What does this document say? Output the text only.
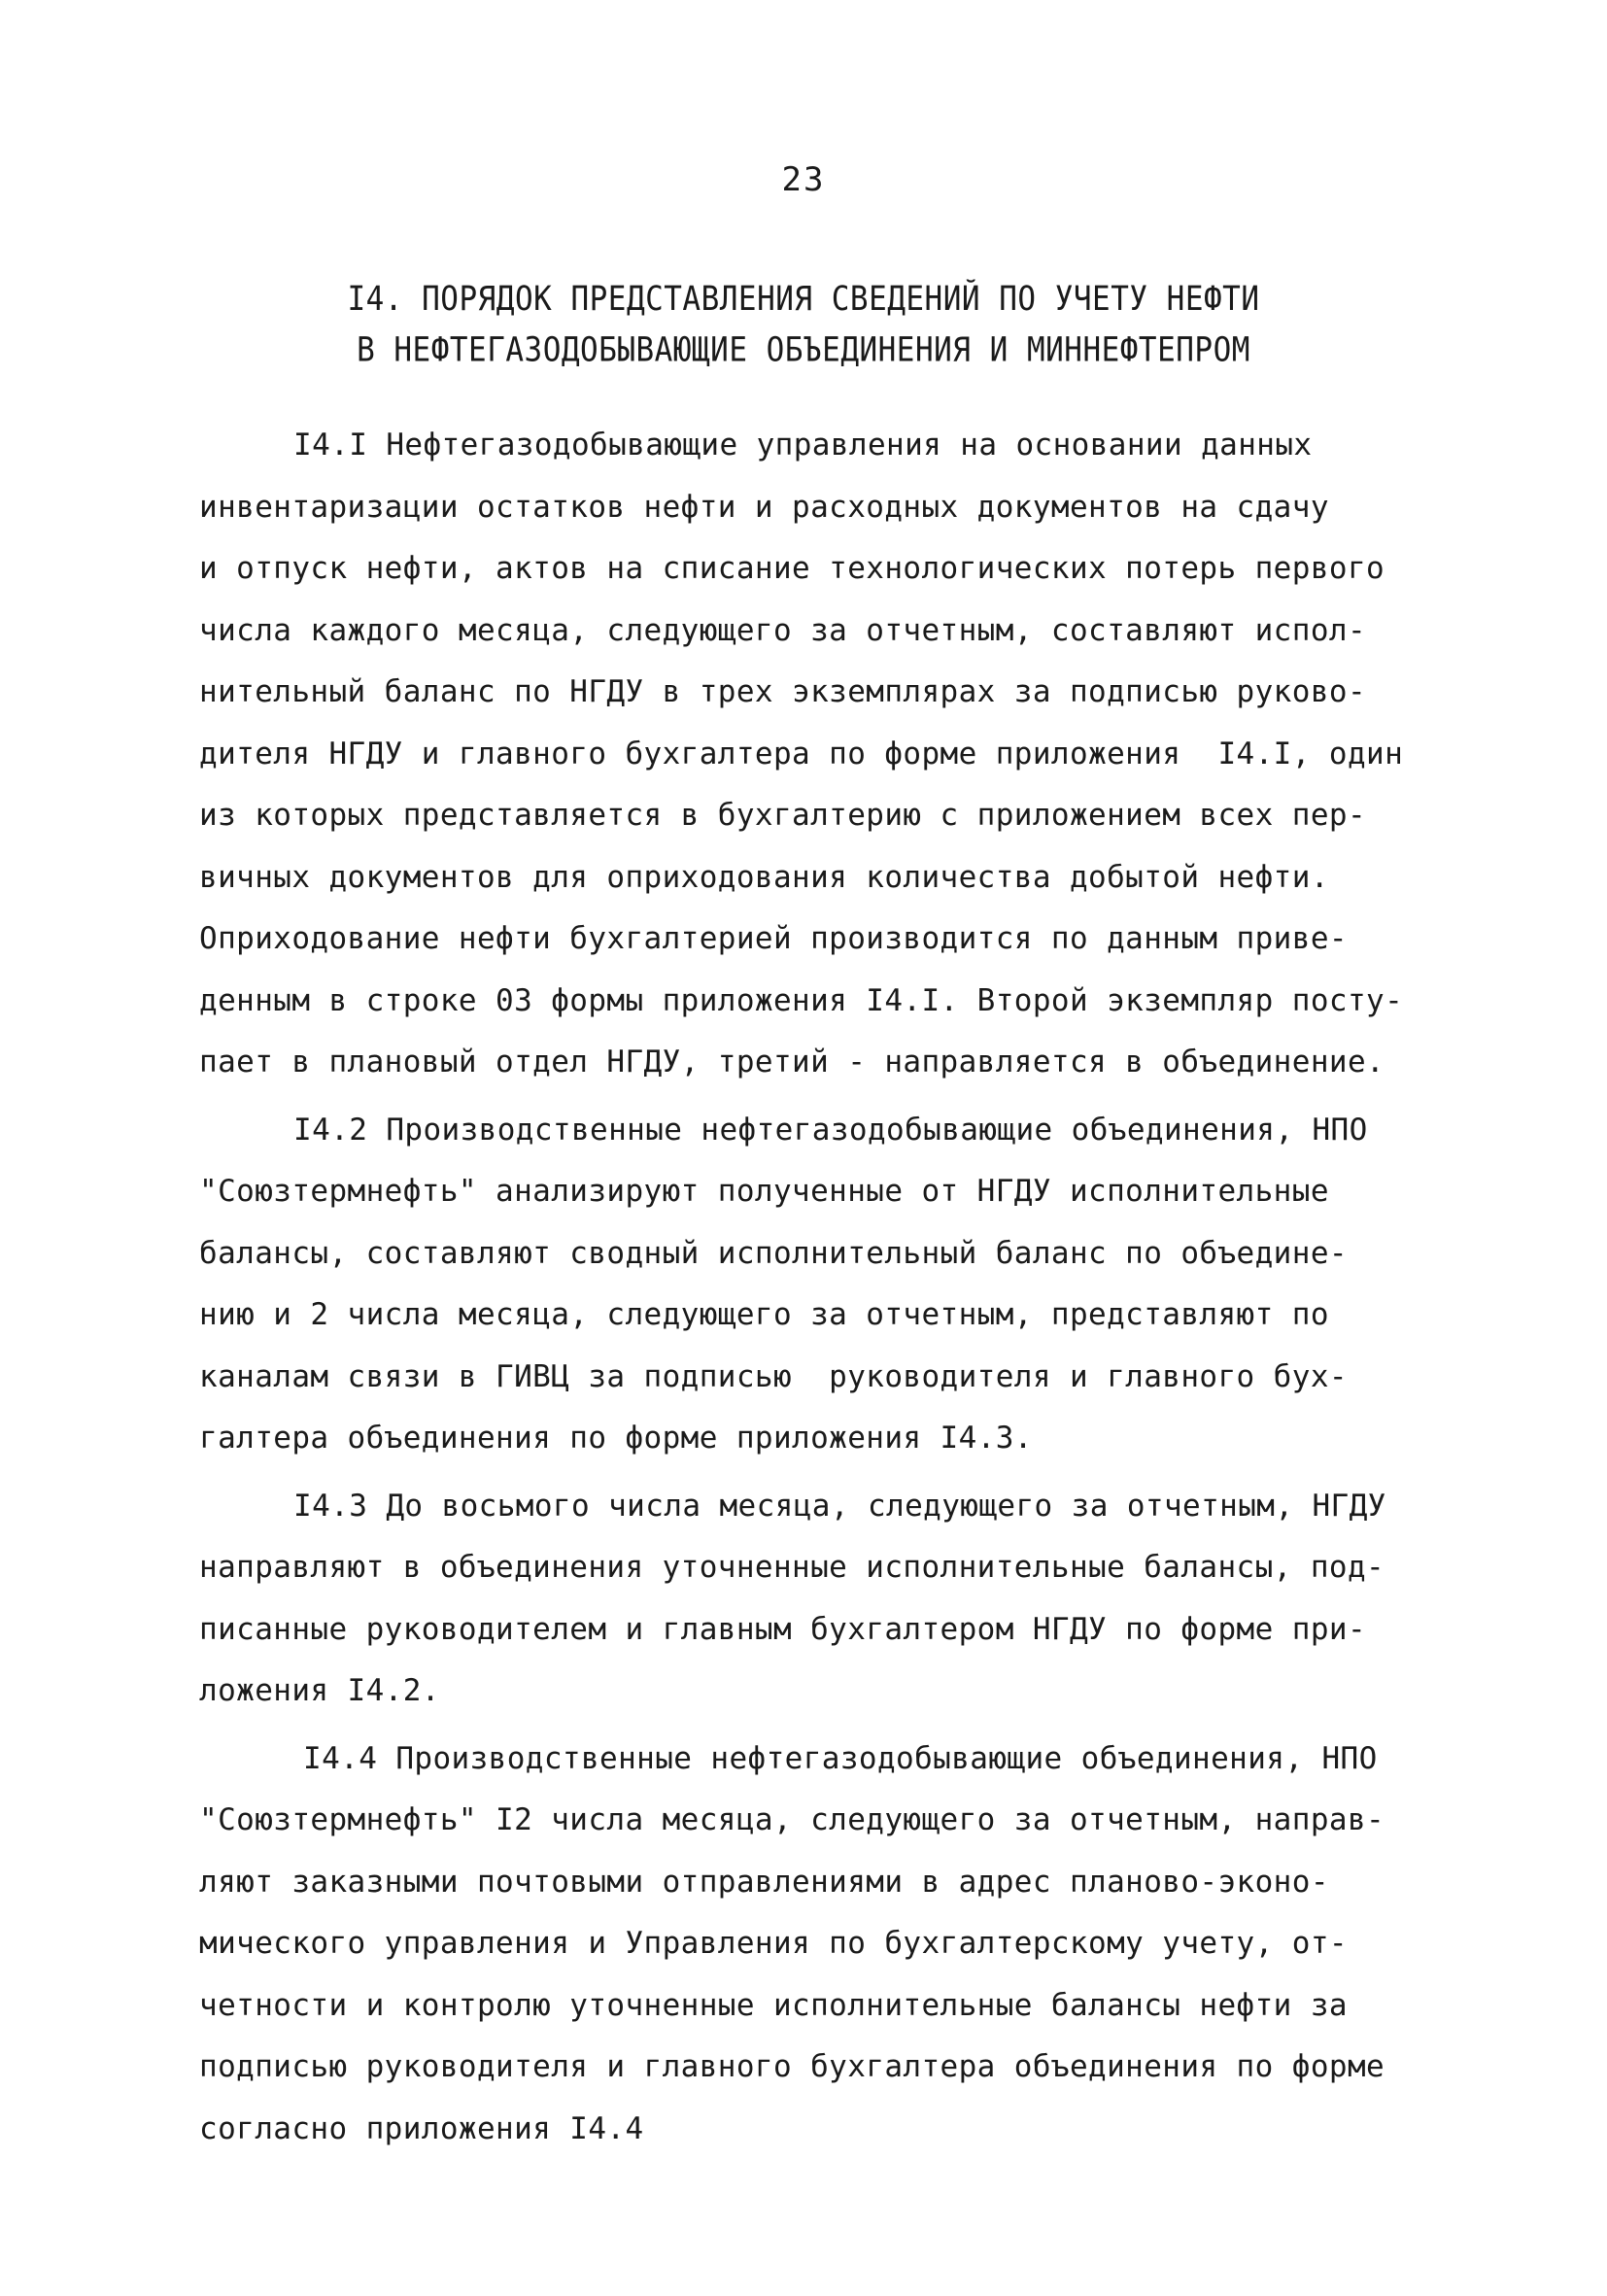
23
I4. ПОРЯДОК ПРЕДСТАВЛЕНИЯ СВЕДЕНИЙ ПО УЧЕТУ НЕФТИ
В НЕФТЕГАЗОДОБЫВАЮЩИЕ ОБЪЕДИНЕНИЯ И МИННЕФТЕПРОМ
I4.I Нефтегазодобывающие управления на основании данных
инвентаризации остатков нефти и расходных документов на сдачу
и отпуск нефти, актов на списание технологических потерь первого
числа каждого месяца, следующего за отчетным, составляют испол-
нительный баланс по НГДУ в трех экземплярах за подписью руково-
дителя НГДУ и главного бухгалтера по форме приложения  I4.I, один
из которых представляется в бухгалтерию с приложением всех пер-
вичных документов для оприходования количества добытой нефти.
Оприходование нефти бухгалтерией производится по данным приве-
денным в строке 03 формы приложения I4.I. Второй экземпляр посту-
пает в плановый отдел НГДУ, третий - направляется в объединение.
I4.2 Производственные нефтегазодобывающие объединения, НПО
"Союзтермнефть" анализируют полученные от НГДУ исполнительные
балансы, составляют сводный исполнительный баланс по объедине-
нию и 2 числа месяца, следующего за отчетным, представляют по
каналам связи в ГИВЦ за подписью  руководителя и главного бух-
галтера объединения по форме приложения I4.3.
I4.3 До восьмого числа месяца, следующего за отчетным, НГДУ
направляют в объединения уточненные исполнительные балансы, под-
писанные руководителем и главным бухгалтером НГДУ по форме при-
ложения I4.2.
I4.4 Производственные нефтегазодобывающие объединения, НПО
"Союзтермнефть" I2 числа месяца, следующего за отчетным, направ-
ляют заказными почтовыми отправлениями в адрес планово-эконо-
мического управления и Управления по бухгалтерскому учету, от-
четности и контролю уточненные исполнительные балансы нефти за
подписью руководителя и главного бухгалтера объединения по форме
согласно приложения I4.4
